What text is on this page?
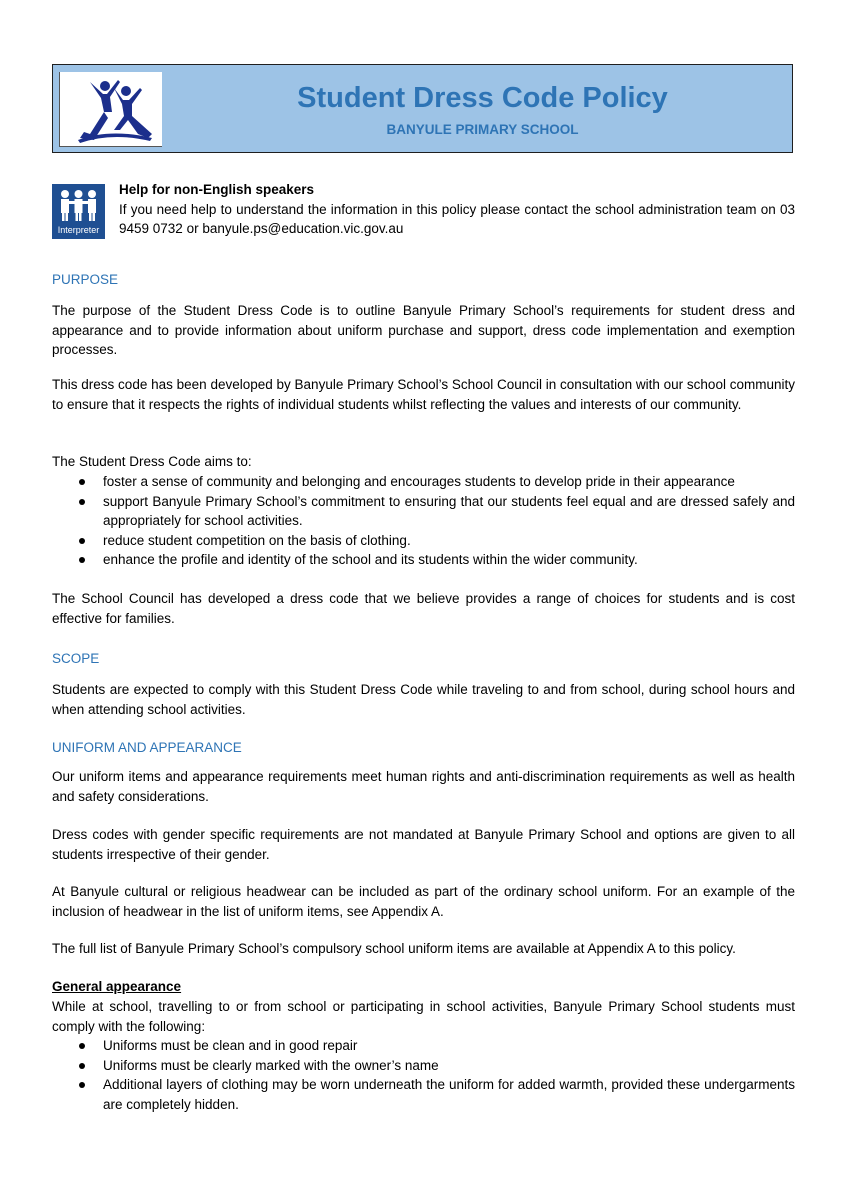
Student Dress Code Policy
BANYULE PRIMARY SCHOOL
Interpreter
Help for non-English speakers
If you need help to understand the information in this policy please contact the school administration team on 03 9459 0732 or banyule.ps@education.vic.gov.au
PURPOSE

The purpose of the Student Dress Code is to outline Banyule Primary School’s requirements for student dress and appearance and to provide information about uniform purchase and support, dress code implementation and exemption processes.

This dress code has been developed by Banyule Primary School’s School Council in consultation with our school community to ensure that it respects the rights of individual students whilst reflecting the values and interests of our community.

The Student Dress Code aims to:

foster a sense of community and belonging and encourages students to develop pride in their appearance
support Banyule Primary School’s commitment to ensuring that our students feel equal and are dressed safely and appropriately for school activities.
reduce student competition on the basis of clothing.
enhance the profile and identity of the school and its students within the wider community.

The School Council has developed a dress code that we believe provides a range of choices for students and is cost effective for families.

SCOPE

Students are expected to comply with this Student Dress Code while traveling to and from school, during school hours and when attending school activities.

UNIFORM AND APPEARANCE

Our uniform items and appearance requirements meet human rights and anti-discrimination requirements as well as health and safety considerations.

Dress codes with gender specific requirements are not mandated at Banyule Primary School and options are given to all students irrespective of their gender.

At Banyule cultural or religious headwear can be included as part of the ordinary school uniform. For an example of the inclusion of headwear in the list of uniform items, see Appendix A.

The full list of Banyule Primary School’s compulsory school uniform items are available at Appendix A to this policy.

General appearance

While at school, travelling to or from school or participating in school activities, Banyule Primary School students must comply with the following:

Uniforms must be clean and in good repair
Uniforms must be clearly marked with the owner’s name
Additional layers of clothing may be worn underneath the uniform for added warmth, provided these undergarments are completely hidden.
